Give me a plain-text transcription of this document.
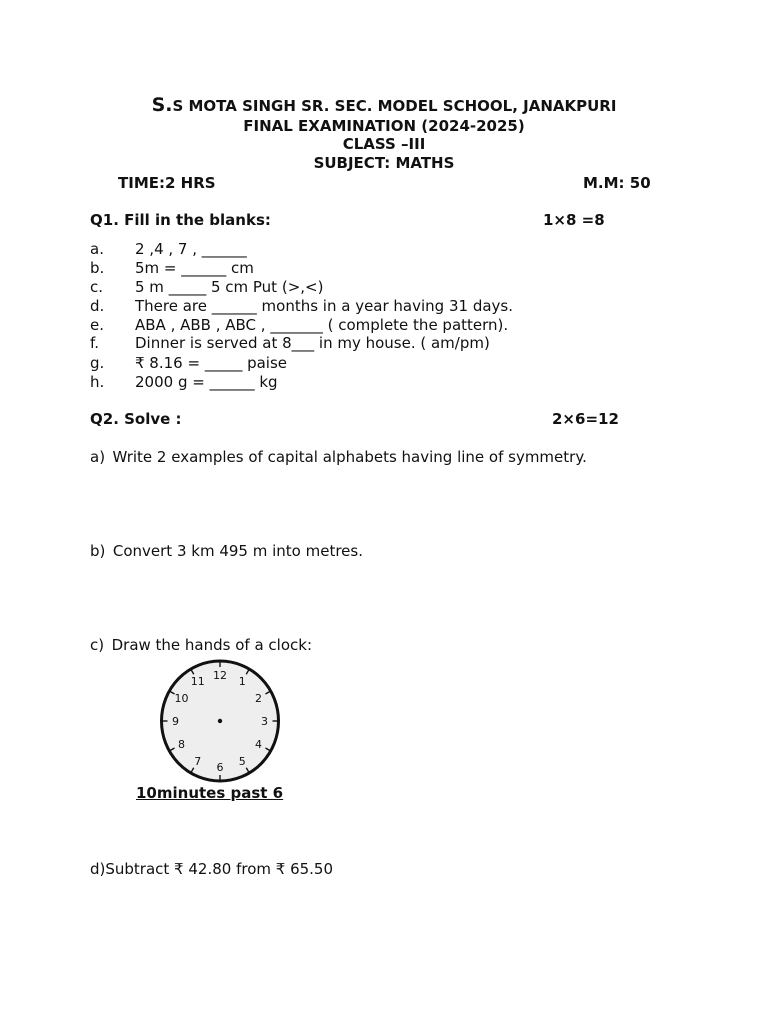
S.S MOTA SINGH SR. SEC. MODEL SCHOOL, JANAKPURI
FINAL EXAMINATION (2024-2025)
CLASS –III
SUBJECT: MATHS
TIME:2 HRS	M.M: 50
Q1. Fill in the blanks:	1×8 =8
a. 2 ,4 , 7 , ______
b. 5m = ______ cm
c. 5 m _____ 5 cm Put (>,<)
d. There are ______ months in a year having 31 days.
e. ABA , ABB , ABC , _______ ( complete the pattern).
f. Dinner is served at 8___ in my house. ( am/pm)
g. ₹ 8.16 = _____ paise
h. 2000 g = ______ kg
Q2. Solve :	2×6=12
a) Write 2 examples of capital alphabets having line of symmetry.
b) Convert 3 km 495 m into metres.
c) Draw the hands of a clock:
12 1
2
3
4
5
6
7
8
9
10
11
10minutes past 6
d)Subtract ₹ 42.80 from ₹ 65.50
